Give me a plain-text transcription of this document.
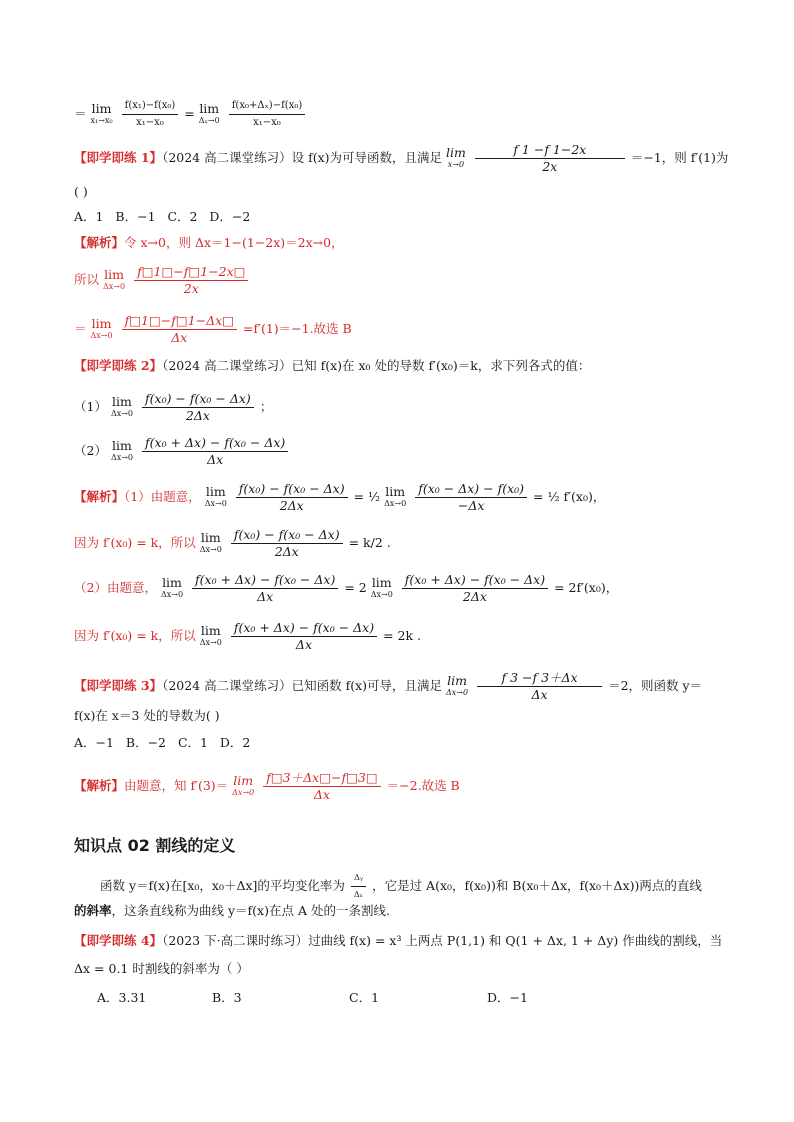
＝ lim
x₁→x₀
$\frac{\text{f(x₁)−f(x₀)}}{\text{x₁−x₀}} = \lim$
Δₓ→0
$\frac{\text{f(x₀+Δₓ)−f(x₀)}}{\text{x₁−x₀}}$
【即学即练 1】（2024 高二课堂练习）设 f(x)为可导函数，且满足 lim
x→0
$\frac{f 1 -f 1-2x}{2x} =-1$，则 f′(1)为
( )
A．1 B．−1 C．2 D．−2
【解析】令 x→0，则 Δx＝1−(1−2x)＝2x→0，
所以 lim
Δx→0
$\frac{f□1□-f□1-2x□}{2x}$
＝ lim
Δx→0
$\frac{f□1□-f□1-\Delta x□}{\Delta x} =f'(1)=-1$.故选 B
【即学即练 2】（2024 高二课堂练习）已知 f(x)在 x₀ 处的导数 f′(x₀)＝k，求下列各式的值：
（1） lim
Δx→0
$\frac{\text{f(x₀) − f(x₀ − Δx)}}{2\Delta x}$ ；
（2） lim
Δx→0
$\frac{\text{f(x₀ + Δx) − f(x₀ − Δx)}}{\Delta x}$
【解析】（1）由题意， lim
Δx→0
$\frac{\text{f(x₀) − f(x₀ − Δx)}}{2\Delta x}$ = ½ lim
Δx→0
$\frac{\text{f(x₀ − Δx) − f(x₀)}}{-\Delta x}$ = ½ f′(x₀)，
因为 f′(x₀) = k，所以 lim
Δx→0
$\frac{\text{f(x₀) − f(x₀ − Δx)}}{2\Delta x} = k/2$ .
（2）由题意， lim
Δx→0
$\frac{\text{f(x₀ + Δx) − f(x₀ − Δx)}}{\Delta x} = 2$ lim
Δx→0
$\frac{\text{f(x₀ + Δx) − f(x₀ − Δx)}}{2\Delta x} = 2f'(x_0)$，
因为 f′(x₀) = k，所以 lim
Δx→0
$\frac{\text{f(x₀ + Δx) − f(x₀ − Δx)}}{\Delta x} = 2k$ .
【即学即练 3】（2024 高二课堂练习）已知函数 f(x)可导，且满足 lim
Δx→0
$\frac{f 3 -f 3+\Delta x}{\Delta x} =2$，则函数 y＝
f(x)在 x＝3 处的导数为( )
A．−1 B．−2 C．1 D．2
【解析】由题意，知 f′(3)＝ lim
Δx→0
$\frac{f□3+\Delta x□-f□3□}{\Delta x} =-2$.故选 B
知识点 02 割线的定义
函数 y＝f(x)在[x₀，x₀＋Δx]的平均变化率为 $\frac{\text{Δᵧ}}{\text{Δₓ}}$ ，它是过 A(x₀，f(x₀))和 B(x₀＋Δx，f(x₀＋Δx))两点的直线
的斜率，这条直线称为曲线 y＝f(x)在点 A 处的一条割线.
【即学即练 4】（2023 下·高二课时练习）过曲线 f(x) = x³ 上两点 P(1,1) 和 Q(1 + Δx, 1 + Δy) 作曲线的割线，当
Δx = 0.1 时割线的斜率为（ ）
A．3.31	B．3	C．1	D．−1
